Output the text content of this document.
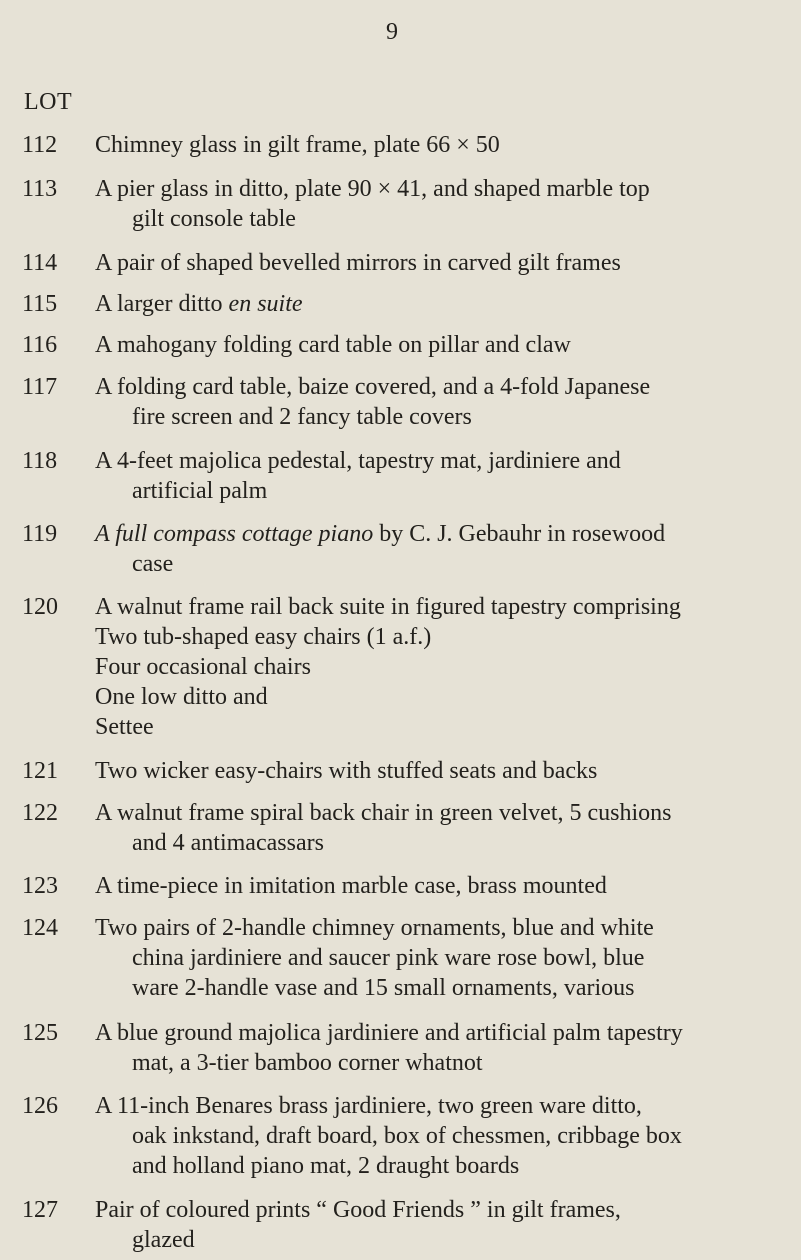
9
LOT
112	Chimney glass in gilt frame, plate 66 × 50
113	A pier glass in ditto, plate 90 × 41, and shaped marble top
gilt console table
114	A pair of shaped bevelled mirrors in carved gilt frames
115	A larger ditto en suite
116	A mahogany folding card table on pillar and claw
117	A folding card table, baize covered, and a 4-fold Japanese
fire screen and 2 fancy table covers
118	A 4-feet majolica pedestal, tapestry mat, jardiniere and
artificial palm
119	A full compass cottage piano by C. J. Gebauhr in rosewood
case
120	A walnut frame rail back suite in figured tapestry comprising
Two tub-shaped easy chairs (1 a.f.)
Four occasional chairs
One low ditto and
Settee
121	Two wicker easy-chairs with stuffed seats and backs
122	A walnut frame spiral back chair in green velvet, 5 cushions
and 4 antimacassars
123	A time-piece in imitation marble case, brass mounted
124	Two pairs of 2-handle chimney ornaments, blue and white
china jardiniere and saucer pink ware rose bowl, blue
ware 2-handle vase and 15 small ornaments, various
125	A blue ground majolica jardiniere and artificial palm tapestry
mat, a 3-tier bamboo corner whatnot
126	A 11-inch Benares brass jardiniere, two green ware ditto,
oak inkstand, draft board, box of chessmen, cribbage box
and holland piano mat, 2 draught boards
127	Pair of coloured prints “ Good Friends ” in gilt frames,
glazed
